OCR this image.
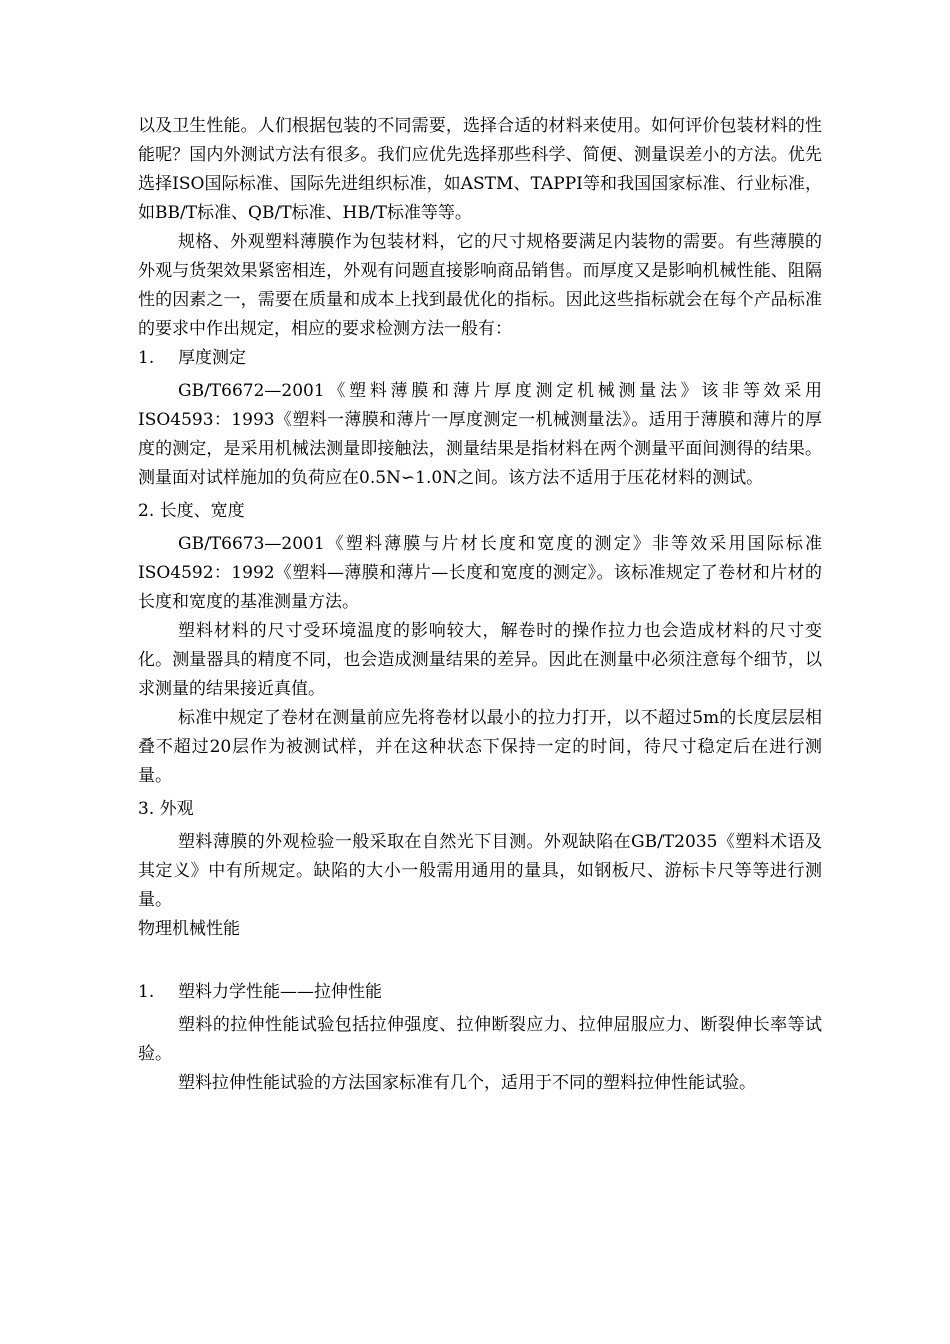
以及卫生性能。人们根据包装的不同需要，选择合适的材料来使用。如何评价包装材料的性能呢？国内外测试方法有很多。我们应优先选择那些科学、简便、测量误差小的方法。优先选择ISO国际标准、国际先进组织标准，如ASTM、TAPPI等和我国国家标准、行业标准，如BB/T标准、QB/T标准、HB/T标准等等。

规格、外观塑料薄膜作为包装材料，它的尺寸规格要满足内装物的需要。有些薄膜的外观与货架效果紧密相连，外观有问题直接影响商品销售。而厚度又是影响机械性能、阻隔性的因素之一，需要在质量和成本上找到最优化的指标。因此这些指标就会在每个产品标准的要求中作出规定，相应的要求检测方法一般有：

1.	厚度测定

GB/T6672—2001《塑料薄膜和薄片厚度测定机械测量法》该非等效采用ISO4593：1993《塑料一薄膜和薄片一厚度测定一机械测量法》。适用于薄膜和薄片的厚度的测定，是采用机械法测量即接触法，测量结果是指材料在两个测量平面间测得的结果。测量面对试样施加的负荷应在0.5N∽1.0N之间。该方法不适用于压花材料的测试。

2. 长度、宽度

GB/T6673—2001《塑料薄膜与片材长度和宽度的测定》非等效采用国际标准ISO4592：1992《塑料—薄膜和薄片—长度和宽度的测定》。该标准规定了卷材和片材的长度和宽度的基准测量方法。

塑料材料的尺寸受环境温度的影响较大，解卷时的操作拉力也会造成材料的尺寸变化。测量器具的精度不同，也会造成测量结果的差异。因此在测量中必须注意每个细节，以求测量的结果接近真值。

标准中规定了卷材在测量前应先将卷材以最小的拉力打开，以不超过5m的长度层层相叠不超过20层作为被测试样，并在这种状态下保持一定的时间，待尺寸稳定后在进行测量。

3. 外观

塑料薄膜的外观检验一般采取在自然光下目测。外观缺陷在GB/T2035《塑料术语及其定义》中有所规定。缺陷的大小一般需用通用的量具，如钢板尺、游标卡尺等等进行测量。

物理机械性能

1.	塑料力学性能——拉伸性能

塑料的拉伸性能试验包括拉伸强度、拉伸断裂应力、拉伸屈服应力、断裂伸长率等试验。

塑料拉伸性能试验的方法国家标准有几个，适用于不同的塑料拉伸性能试验。
